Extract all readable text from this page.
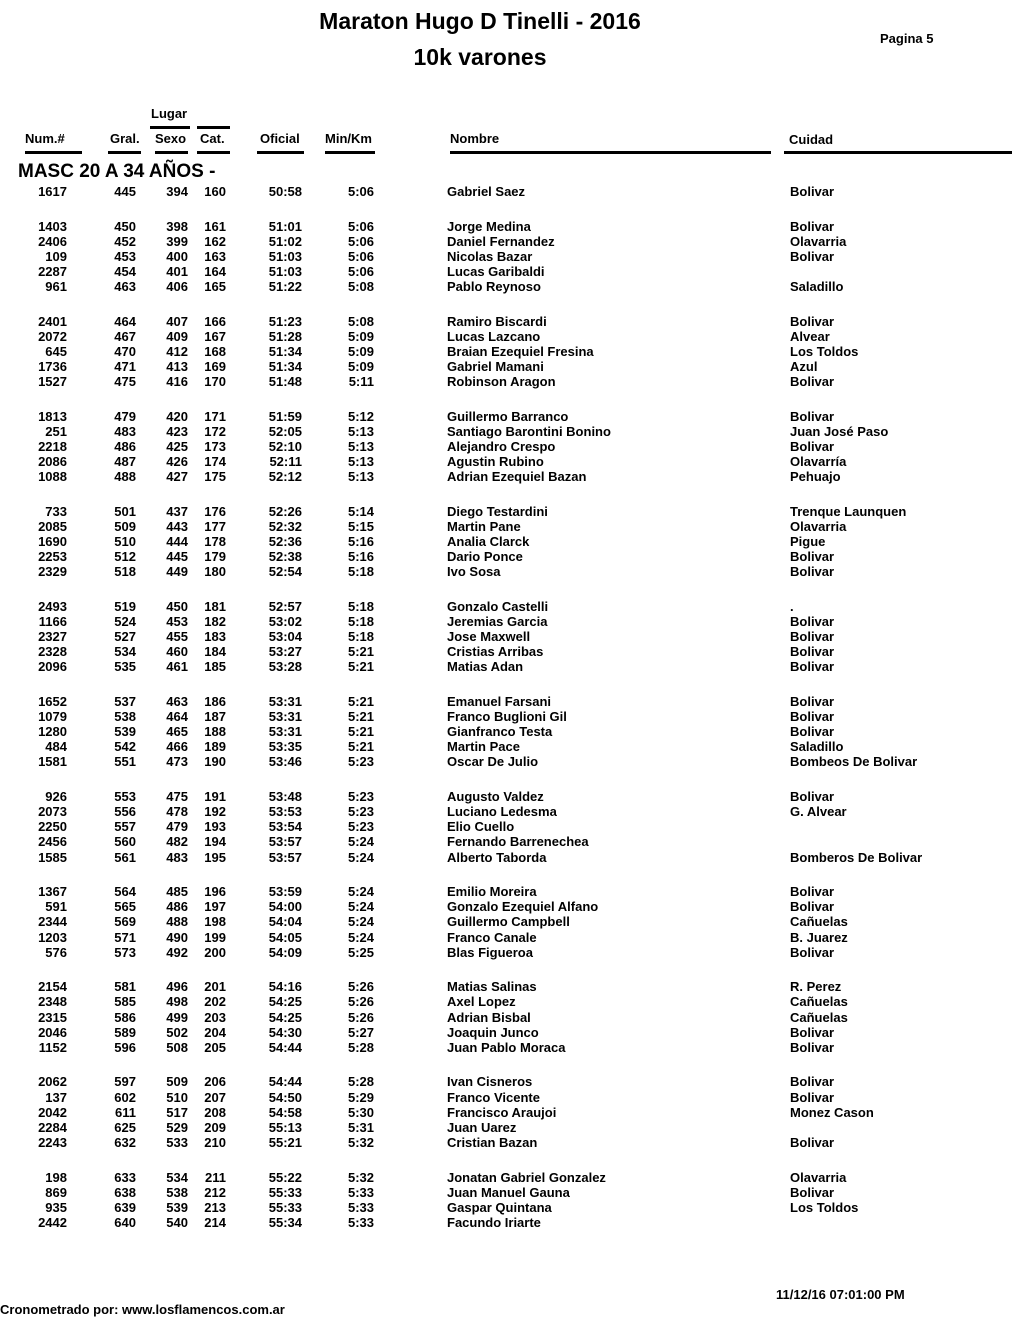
Maraton Hugo D Tinelli - 2016
10k varones
Pagina 5
Lugar
Num.#	Gral. Sexo Cat.	Oficial Min/Km	Nombre	Cuidad
MASC 20 A 34 AÑOS -
1617	445 394 160	50:58	5:06	Gabriel Saez	Bolivar
1403	450 398 161	51:01	5:06	Jorge Medina	Bolivar
2406	452 399 162	51:02	5:06	Daniel Fernandez	Olavarria
109	453 400 163	51:03	5:06	Nicolas Bazar	Bolivar
2287	454 401 164	51:03	5:06	Lucas Garibaldi
961	463 406 165	51:22	5:08	Pablo Reynoso	Saladillo
2401	464 407 166	51:23	5:08	Ramiro Biscardi	Bolivar
2072	467 409 167	51:28	5:09	Lucas Lazcano	Alvear
645	470 412 168	51:34	5:09	Braian Ezequiel Fresina	Los Toldos
1736	471 413 169	51:34	5:09	Gabriel Mamani	Azul
1527	475 416 170	51:48	5:11	Robinson Aragon	Bolivar
1813	479 420 171	51:59	5:12	Guillermo Barranco	Bolivar
251	483 423 172	52:05	5:13	Santiago Barontini Bonino	Juan José Paso
2218	486 425 173	52:10	5:13	Alejandro Crespo	Bolivar
2086	487 426 174	52:11	5:13	Agustin Rubino	Olavarría
1088	488 427 175	52:12	5:13	Adrian Ezequiel Bazan	Pehuajo
733	501 437 176	52:26	5:14	Diego Testardini	Trenque Launquen
2085	509 443 177	52:32	5:15	Martin Pane	Olavarria
1690	510 444 178	52:36	5:16	Analia Clarck	Pigue
2253	512 445 179	52:38	5:16	Dario Ponce	Bolivar
2329	518 449 180	52:54	5:18	Ivo Sosa	Bolivar
2493	519 450 181	52:57	5:18	Gonzalo Castelli	.
1166	524 453 182	53:02	5:18	Jeremias Garcia	Bolivar
2327	527 455 183	53:04	5:18	Jose Maxwell	Bolivar
2328	534 460 184	53:27	5:21	Cristias Arribas	Bolivar
2096	535 461 185	53:28	5:21	Matias Adan	Bolivar
1652	537 463 186	53:31	5:21	Emanuel Farsani	Bolivar
1079	538 464 187	53:31	5:21	Franco Buglioni Gil	Bolivar
1280	539 465 188	53:31	5:21	Gianfranco Testa	Bolivar
484	542 466 189	53:35	5:21	Martin Pace	Saladillo
1581	551 473 190	53:46	5:23	Oscar De Julio	Bombeos De Bolivar
926	553 475 191	53:48	5:23	Augusto Valdez	Bolivar
2073	556 478 192	53:53	5:23	Luciano Ledesma	G. Alvear
2250	557 479 193	53:54	5:23	Elio Cuello
2456	560 482 194	53:57	5:24	Fernando Barrenechea
1585	561 483 195	53:57	5:24	Alberto Taborda	Bomberos De Bolivar
1367	564 485 196	53:59	5:24	Emilio Moreira	Bolivar
591	565 486 197	54:00	5:24	Gonzalo Ezequiel Alfano	Bolivar
2344	569 488 198	54:04	5:24	Guillermo Campbell	Cañuelas
1203	571 490 199	54:05	5:24	Franco Canale	B. Juarez
576	573 492 200	54:09	5:25	Blas Figueroa	Bolivar
2154	581 496 201	54:16	5:26	Matias Salinas	R. Perez
2348	585 498 202	54:25	5:26	Axel Lopez	Cañuelas
2315	586 499 203	54:25	5:26	Adrian Bisbal	Cañuelas
2046	589 502 204	54:30	5:27	Joaquin Junco	Bolivar
1152	596 508 205	54:44	5:28	Juan Pablo Moraca	Bolivar
2062	597 509 206	54:44	5:28	Ivan Cisneros	Bolivar
137	602 510 207	54:50	5:29	Franco Vicente	Bolivar
2042	611 517 208	54:58	5:30	Francisco Araujoi	Monez Cason
2284	625 529 209	55:13	5:31	Juan Uarez
2243	632 533 210	55:21	5:32	Cristian Bazan	Bolivar
198	633 534 211	55:22	5:32	Jonatan Gabriel Gonzalez	Olavarria
869	638 538 212	55:33	5:33	Juan Manuel Gauna	Bolivar
935	639 539 213	55:33	5:33	Gaspar Quintana	Los Toldos
2442	640 540 214	55:34	5:33	Facundo Iriarte
11/12/16 07:01:00 PM
Cronometrado por: www.losflamencos.com.ar
